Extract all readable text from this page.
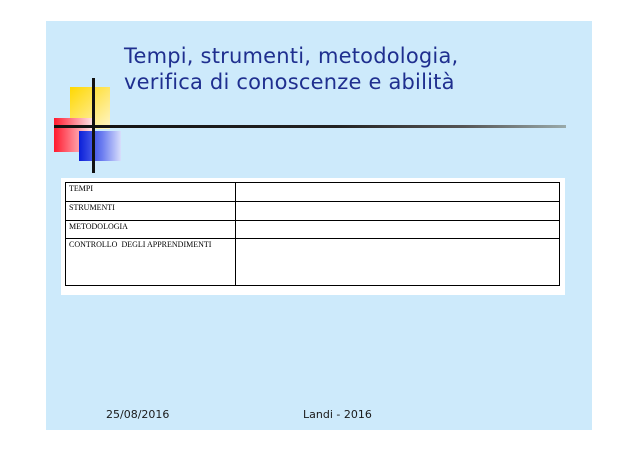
Tempi, strumenti, metodologia,
verifica di conoscenze e abilità
TEMPI	
STRUMENTI	
METODOLOGIA	
CONTROLLO  DEGLI APPRENDIMENTI	
25/08/2016	Landi - 2016
